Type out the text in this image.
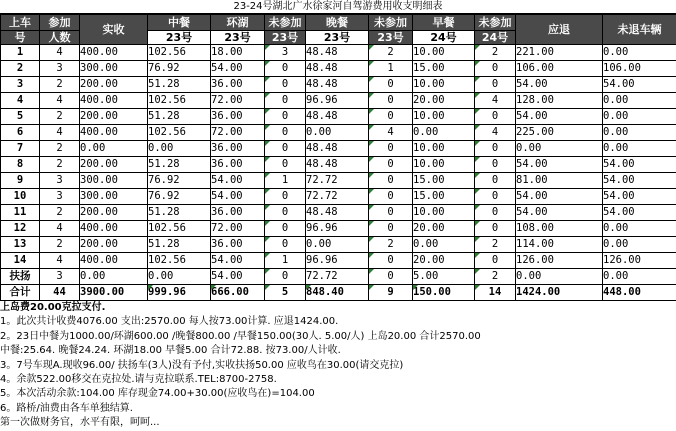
23-24号湖北广水徐家河自驾游费用收支明细表
上车	参加	实收	中餐	环湖	未参加	晚餐	未参加	早餐	未参加	应退	未退车辆
号	人数		23号	23号	23号	23号	23号	24号	24号		
1	4	400.00	102.56	18.00	3	48.48	2	10.00	2	221.00	0.00
2	3	300.00	76.92	54.00	0	48.48	1	15.00	0	106.00	106.00
3	2	200.00	51.28	36.00	0	48.48	0	10.00	0	54.00	54.00
4	4	400.00	102.56	72.00	0	96.96	0	20.00	4	128.00	0.00
5	2	200.00	51.28	36.00	0	48.48	0	10.00	0	54.00	0.00
6	4	400.00	102.56	72.00	0	0.00	4	0.00	4	225.00	0.00
7	2	0.00	0.00	36.00	0	48.48	0	10.00	0	0.00	0.00
8	2	200.00	51.28	36.00	0	48.48	0	10.00	0	54.00	54.00
9	3	300.00	76.92	54.00	1	72.72	0	15.00	0	81.00	54.00
10	3	300.00	76.92	54.00	0	72.72	0	15.00	0	54.00	54.00
11	2	200.00	51.28	36.00	0	48.48	0	10.00	0	54.00	54.00
12	4	400.00	102.56	72.00	0	96.96	0	20.00	0	108.00	0.00
13	2	200.00	51.28	36.00	0	0.00	2	0.00	2	114.00	0.00
14	4	400.00	102.56	54.00	1	96.96	0	20.00	0	126.00	126.00
扶扬	3	0.00	0.00	54.00	0	72.72	0	5.00	2	0.00	0.00
合计	44	3900.00	999.96	666.00	5	848.40	9	150.00	14	1424.00	448.00
上岛费20.00克拉支付.
1。此次共计收费4076.00 支出:2570.00 每人按73.00计算. 应退1424.00.
2。23日中餐为1000.00/环湖600.00 /晚餐800.00 /早餐150.00(30人. 5.00/人) 上岛20.00 合计2570.00
中餐:25.64. 晚餐24.24. 环湖18.00 早餐5.00 合计72.88. 按73.00/人计收.
3。7号车现A.现收96.00/ 扶扬车(3人)没有予付,实收扶扬50.00 应收鸟在30.00(请交克拉)
4。余款522.00移交在克拉处.请与克拉联系.TEL:8700-2758.
5。本次活动余款:104.00 库存现金74.00+30.00(应收鸟在)=104.00
6。路桥/油费由各车单独结算.
第一次做财务官，水平有限，呵呵...
